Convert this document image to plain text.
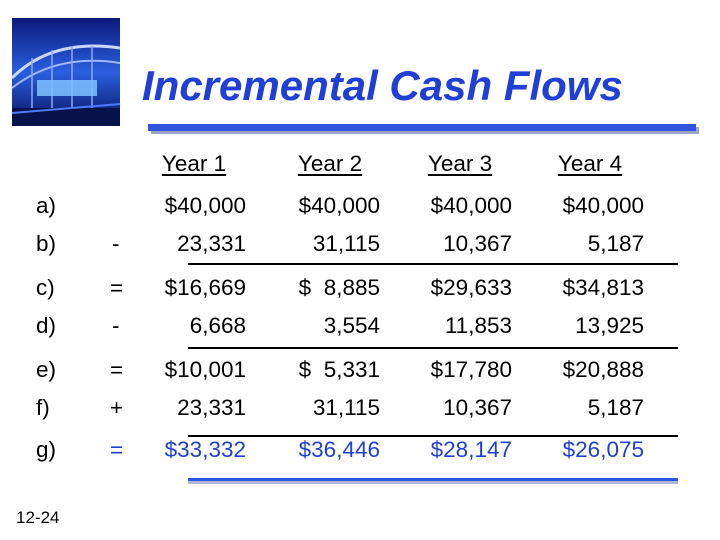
Incremental Cash Flows
Year 1	Year 2	Year 3	Year 4
a)	$40,000	$40,000	$40,000	$40,000
b) -	23,331	31,115	10,367	5,187
c) =	$16,669	$  8,885	$29,633	$34,813
d) -	6,668	3,554	11,853	13,925
e) =	$10,001	$  5,331	$17,780	$20,888
f)	+	23,331	31,115	10,367	5,187
g) =	$33,332	$36,446	$28,147	$26,075
12-24
